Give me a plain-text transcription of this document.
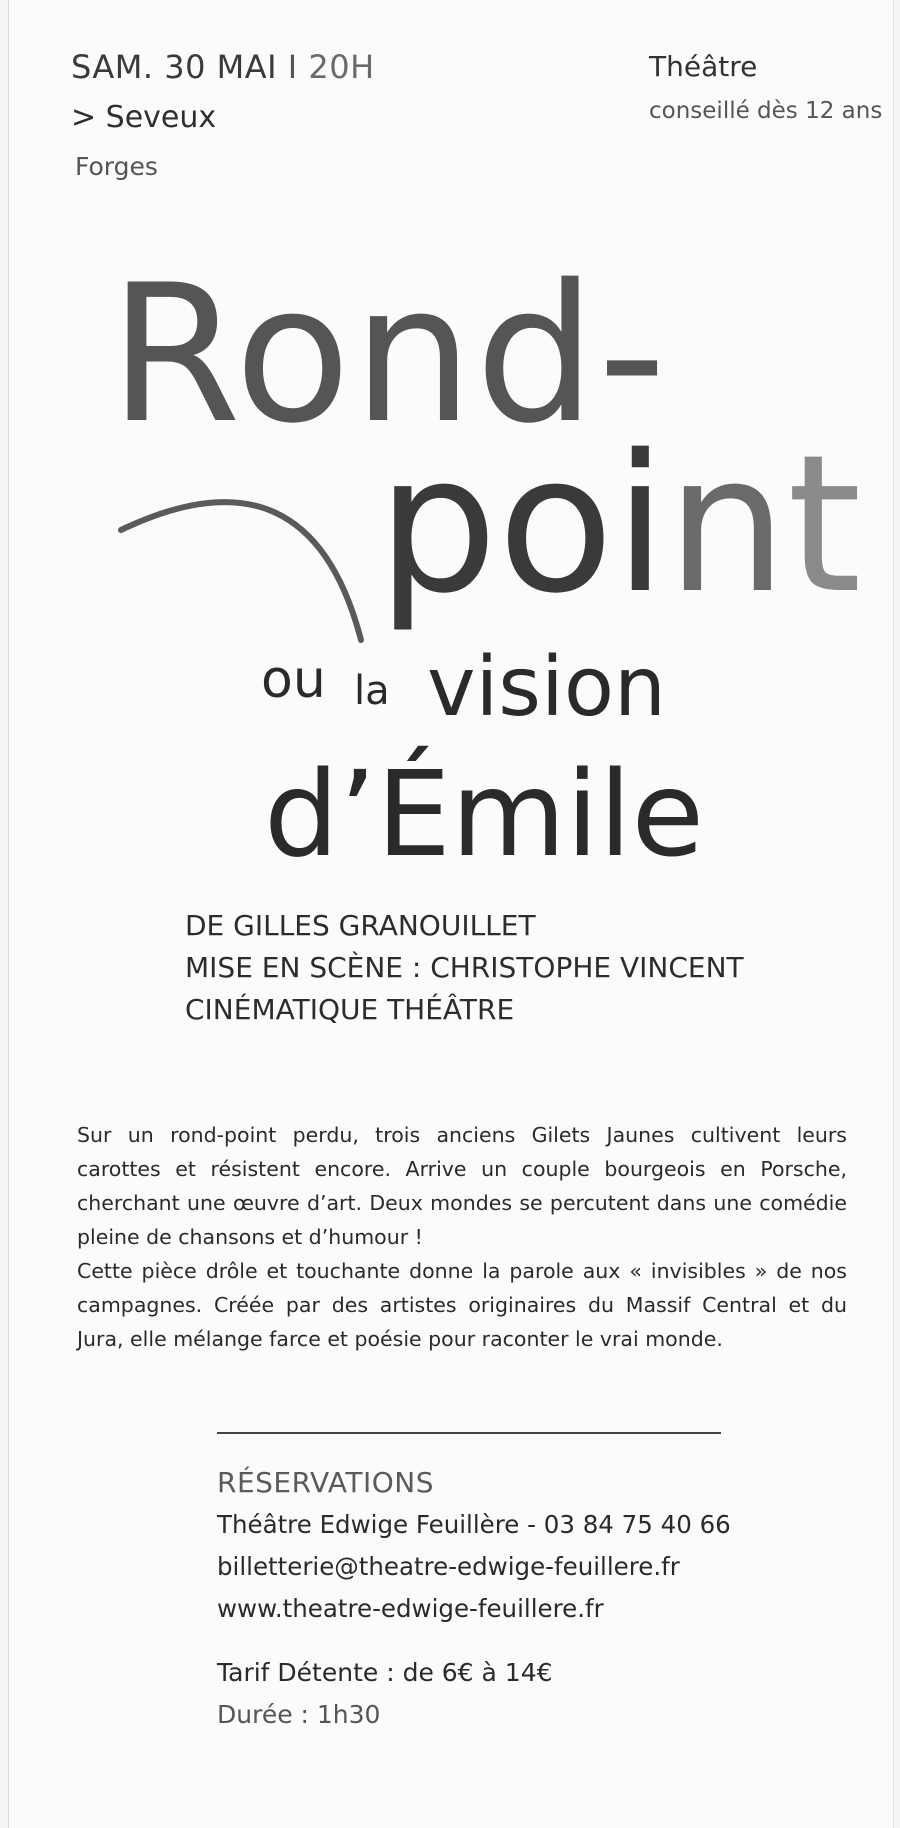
SAM. 30 MAI I 20H
> Seveux
Forges
Théâtre
conseillé dès 12 ans
Rond-
point
ou la vision
d’Émile
DE GILLES GRANOUILLET
MISE EN SCÈNE : CHRISTOPHE VINCENT
CINÉMATIQUE THÉÂTRE

Sur un rond-point perdu, trois anciens Gilets Jaunes cultivent leurs carottes et résistent encore. Arrive un couple bourgeois en Porsche, cherchant une œuvre d’art. Deux mondes se percutent dans une comédie pleine de chansons et d’humour !

Cette pièce drôle et touchante donne la parole aux « invisibles » de nos campagnes. Créée par des artistes originaires du Massif Central et du Jura, elle mélange farce et poésie pour raconter le vrai monde.

RÉSERVATIONS
Théâtre Edwige Feuillère - 03 84 75 40 66
billetterie@theatre-edwige-feuillere.fr
www.theatre-edwige-feuillere.fr
Tarif Détente : de 6€ à 14€
Durée : 1h30
